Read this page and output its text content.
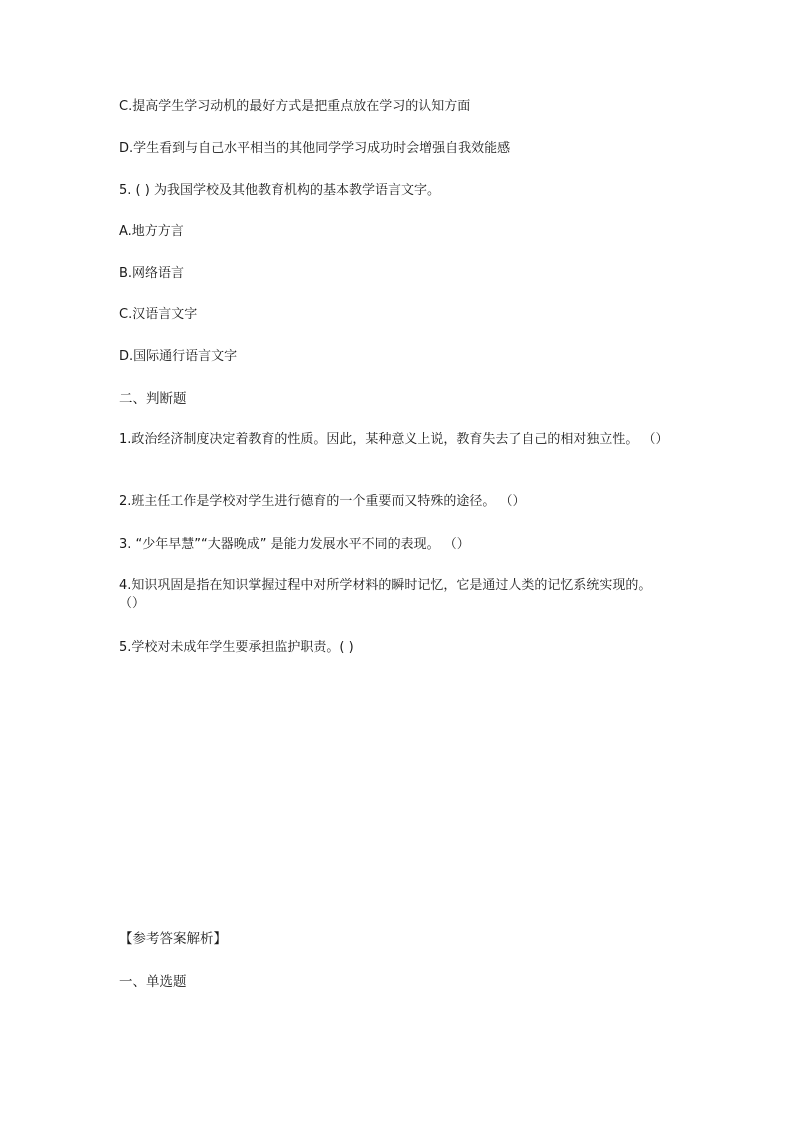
C.提高学生学习动机的最好方式是把重点放在学习的认知方面
D.学生看到与自己水平相当的其他同学学习成功时会增强自我效能感
5. ( ) 为我国学校及其他教育机构的基本教学语言文字。
A.地方方言
B.网络语言
C.汉语言文字
D.国际通行语言文字
二、判断题
1.政治经济制度决定着教育的性质。因此，某种意义上说，教育失去了自己的相对独立性。 （）
2.班主任工作是学校对学生进行德育的一个重要而又特殊的途径。 （）
3. “少年早慧”“大器晚成” 是能力发展水平不同的表现。 （）
4.知识巩固是指在知识掌握过程中对所学材料的瞬时记忆，它是通过人类的记忆系统实现的。 （）
5.学校对未成年学生要承担监护职责。( )
【参考答案解析】
一、单选题
